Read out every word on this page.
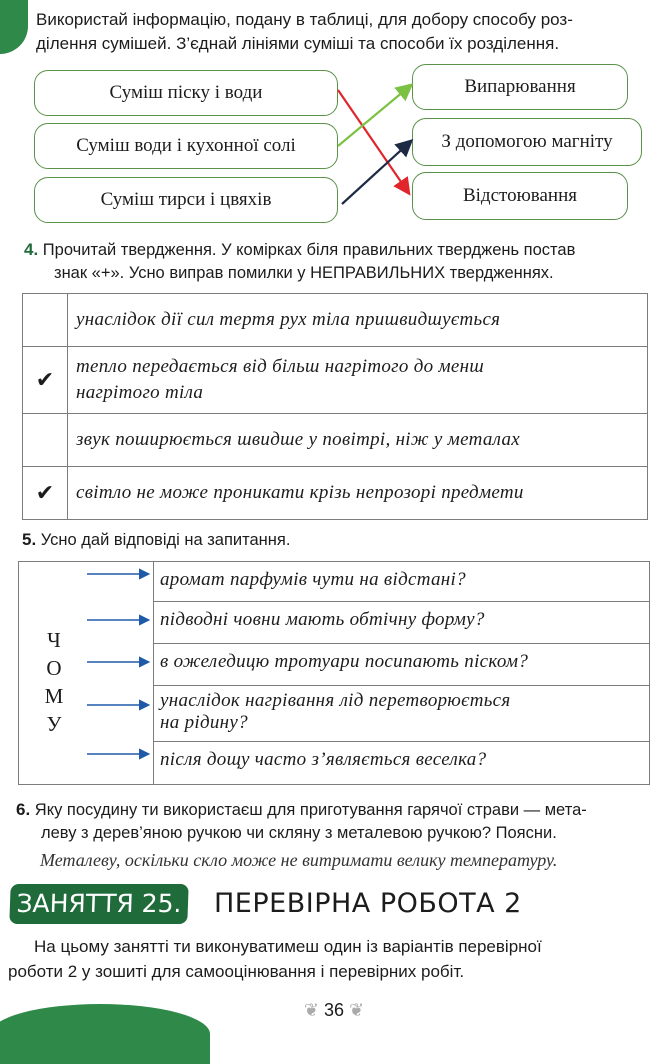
Використай інформацію, подану в таблиці, для добору способу роз-
ділення сумішей. З’єднай лініями суміші та способи їх розділення.
Суміш піску і води
Суміш води і кухонної солі
Суміш тирси і цвяхів
Випарювання
З допомогою магніту
Відстоювання
4. Прочитай твердження. У комірках біля правильних тверджень постав
знак «+». Усно виправ помилки у НЕПРАВИЛЬНИХ твердженнях.
	унаслідок дії сил тертя рух тіла пришвидшується
✔	тепло передається від більш нагрітого до менш
нагрітого тіла

	звук поширюється швидше у повітрі, ніж у металах
✔	світло не може проникати крізь непрозорі предмети
5. Усно дай відповіді на запитання.
Ч
О
М
У
аромат парфумів чути на відстані?
підводні човни мають обтічну форму?
в ожеледицю тротуари посипають піском?
унаслідок нагрівання лід перетворюється
на рідину?
після дощу часто з’являється веселка?
6. Яку посудину ти використаєш для приготування гарячої страви — мета-
леву з дерев’яною ручкою чи скляну з металевою ручкою? Поясни.
Металеву, оскільки скло може не витримати велику температуру.
ЗАНЯТТЯ 25. ПЕРЕВІРНА РОБОТА 2
На цьому занятті ти виконуватимеш один із варіантів перевірної
роботи 2 у зошиті для самооцінювання і перевірних робіт.
❦ 36 ❦
